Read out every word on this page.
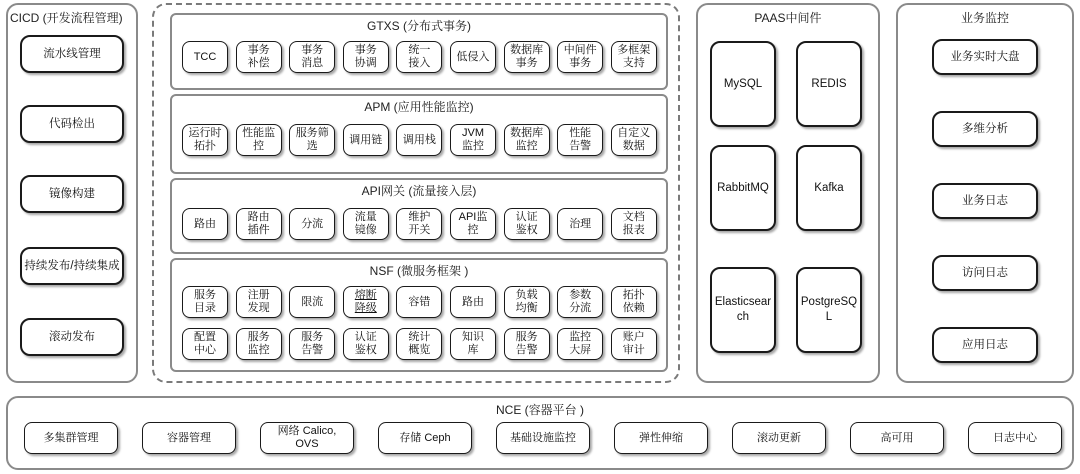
CICD (开发流程管理)
流水线管理
代码检出
镜像构建
持续发布/持续集成
滚动发布
GTXS (分布式事务)
TCC
事务
补偿
事务
消息
事务
协调
统一
接入
低侵入
数据库
事务
中间件
事务
多框架
支持
APM (应用性能监控)
运行时
拓扑
性能监
控
服务筛
选
调用链	调用栈
JVM
监控
数据库
监控
性能
告警
自定义
数据
API网关 (流量接入层)
路由
路由
插件
分流
流量
镜像
维护
开关
API监
控
认证
鉴权
治理
文档
报表
NSF (微服务框架 )
服务
目录
注册
发现
限流
熔断
降级
容错	路由
负载
均衡
参数
分流
拓扑
依赖
配置
中心
服务
监控
服务
告警
认证
鉴权
统计
概览
知识
库
服务
告警
监控
大屏
账户
审计
PAAS中间件
MySQL	REDIS
RabbitMQ	Kafka
Elasticsear
ch
PostgreSQ
L
业务监控
业务实时大盘
多维分析
业务日志
访问日志
应用日志
NCE (容器平台 )
多集群管理	容器管理
网络 Calico,
OVS
存储 Ceph	基础设施监控	弹性伸缩	滚动更新	高可用	日志中心
